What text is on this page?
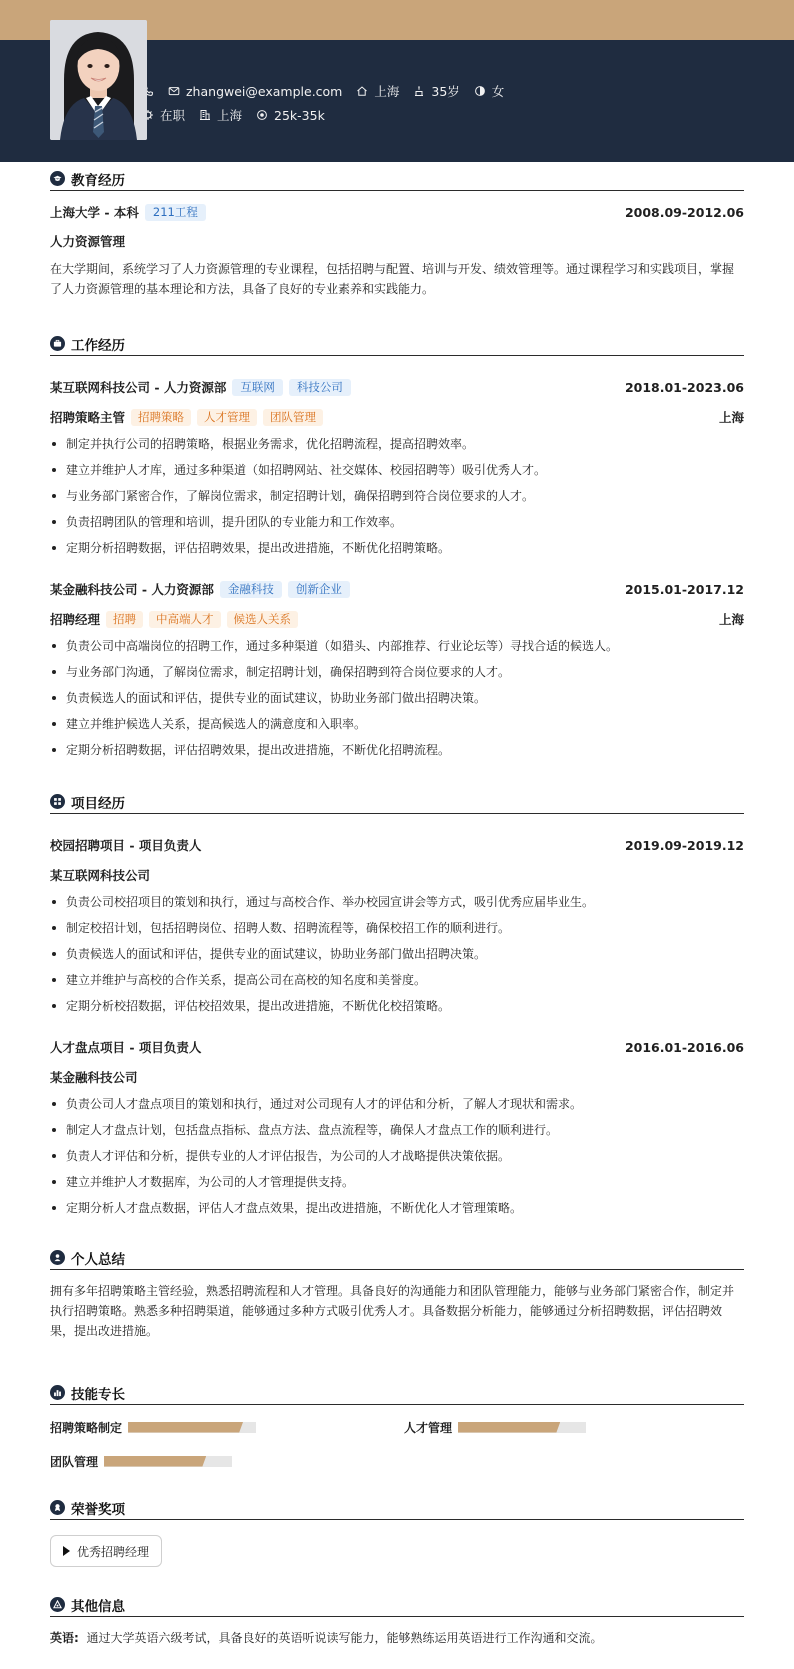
zhangwei@example.com	上海	35岁	女
在职	上海	25k-35k
教育经历
上海大学 - 本科	211工程	2008.09-2012.06
人力资源管理
在大学期间，系统学习了人力资源管理的专业课程，包括招聘与配置、培训与开发、绩效管理等。通过课程学习和实践项目，掌握了人力资源管理的基本理论和方法，具备了良好的专业素养和实践能力。
工作经历
某互联网科技公司 - 人力资源部	互联网	科技公司	2018.01-2023.06
招聘策略主管	招聘策略	人才管理	团队管理	上海
制定并执行公司的招聘策略，根据业务需求，优化招聘流程，提高招聘效率。
建立并维护人才库，通过多种渠道（如招聘网站、社交媒体、校园招聘等）吸引优秀人才。
与业务部门紧密合作，了解岗位需求，制定招聘计划，确保招聘到符合岗位要求的人才。
负责招聘团队的管理和培训，提升团队的专业能力和工作效率。
定期分析招聘数据，评估招聘效果，提出改进措施，不断优化招聘策略。
某金融科技公司 - 人力资源部	金融科技	创新企业	2015.01-2017.12
招聘经理	招聘	中高端人才	候选人关系	上海
负责公司中高端岗位的招聘工作，通过多种渠道（如猎头、内部推荐、行业论坛等）寻找合适的候选人。
与业务部门沟通，了解岗位需求，制定招聘计划，确保招聘到符合岗位要求的人才。
负责候选人的面试和评估，提供专业的面试建议，协助业务部门做出招聘决策。
建立并维护候选人关系，提高候选人的满意度和入职率。
定期分析招聘数据，评估招聘效果，提出改进措施，不断优化招聘流程。
项目经历
校园招聘项目 - 项目负责人	2019.09-2019.12
某互联网科技公司
负责公司校招项目的策划和执行，通过与高校合作、举办校园宣讲会等方式，吸引优秀应届毕业生。
制定校招计划，包括招聘岗位、招聘人数、招聘流程等，确保校招工作的顺利进行。
负责候选人的面试和评估，提供专业的面试建议，协助业务部门做出招聘决策。
建立并维护与高校的合作关系，提高公司在高校的知名度和美誉度。
定期分析校招数据，评估校招效果，提出改进措施，不断优化校招策略。
人才盘点项目 - 项目负责人	2016.01-2016.06
某金融科技公司
负责公司人才盘点项目的策划和执行，通过对公司现有人才的评估和分析，了解人才现状和需求。
制定人才盘点计划，包括盘点指标、盘点方法、盘点流程等，确保人才盘点工作的顺利进行。
负责人才评估和分析，提供专业的人才评估报告，为公司的人才战略提供决策依据。
建立并维护人才数据库，为公司的人才管理提供支持。
定期分析人才盘点数据，评估人才盘点效果，提出改进措施，不断优化人才管理策略。
个人总结
拥有多年招聘策略主管经验，熟悉招聘流程和人才管理。具备良好的沟通能力和团队管理能力，能够与业务部门紧密合作，制定并执行招聘策略。熟悉多种招聘渠道，能够通过多种方式吸引优秀人才。具备数据分析能力，能够通过分析招聘数据，评估招聘效果，提出改进措施。
技能专长
招聘策略制定	人才管理
团队管理
荣誉奖项
优秀招聘经理
其他信息
英语: 通过大学英语六级考试，具备良好的英语听说读写能力，能够熟练运用英语进行工作沟通和交流。
